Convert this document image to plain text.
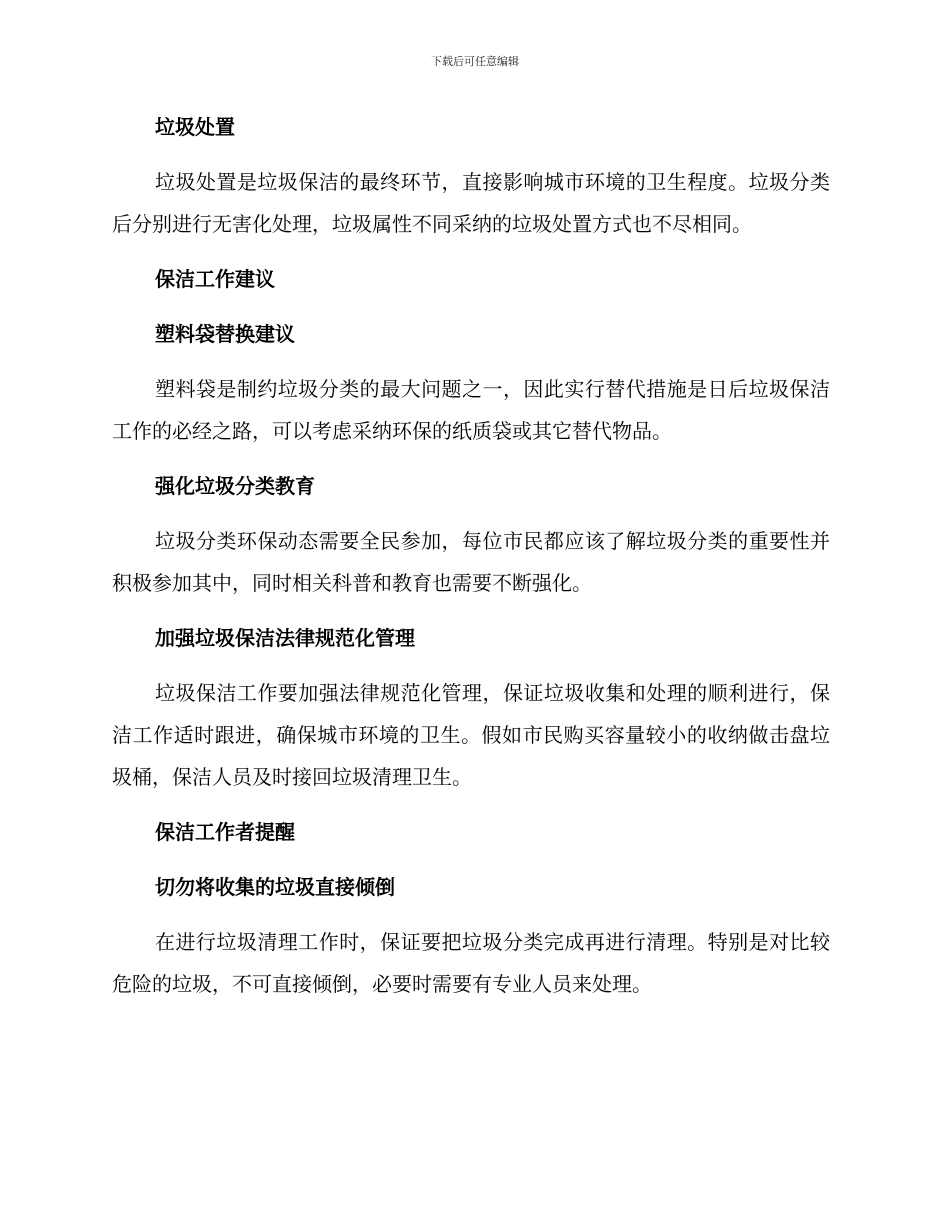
下载后可任意编辑
垃圾处置

垃圾处置是垃圾保洁的最终环节，直接影响城市环境的卫生程度。垃圾分类后分别进行无害化处理，垃圾属性不同采纳的垃圾处置方式也不尽相同。

保洁工作建议
塑料袋替换建议

塑料袋是制约垃圾分类的最大问题之一，因此实行替代措施是日后垃圾保洁工作的必经之路，可以考虑采纳环保的纸质袋或其它替代物品。

强化垃圾分类教育

垃圾分类环保动态需要全民参加，每位市民都应该了解垃圾分类的重要性并积极参加其中，同时相关科普和教育也需要不断强化。

加强垃圾保洁法律规范化管理

垃圾保洁工作要加强法律规范化管理，保证垃圾收集和处理的顺利进行，保洁工作适时跟进，确保城市环境的卫生。假如市民购买容量较小的收纳做击盘垃圾桶，保洁人员及时接回垃圾清理卫生。

保洁工作者提醒
切勿将收集的垃圾直接倾倒

在进行垃圾清理工作时，保证要把垃圾分类完成再进行清理。特别是对比较危险的垃圾，不可直接倾倒，必要时需要有专业人员来处理。
